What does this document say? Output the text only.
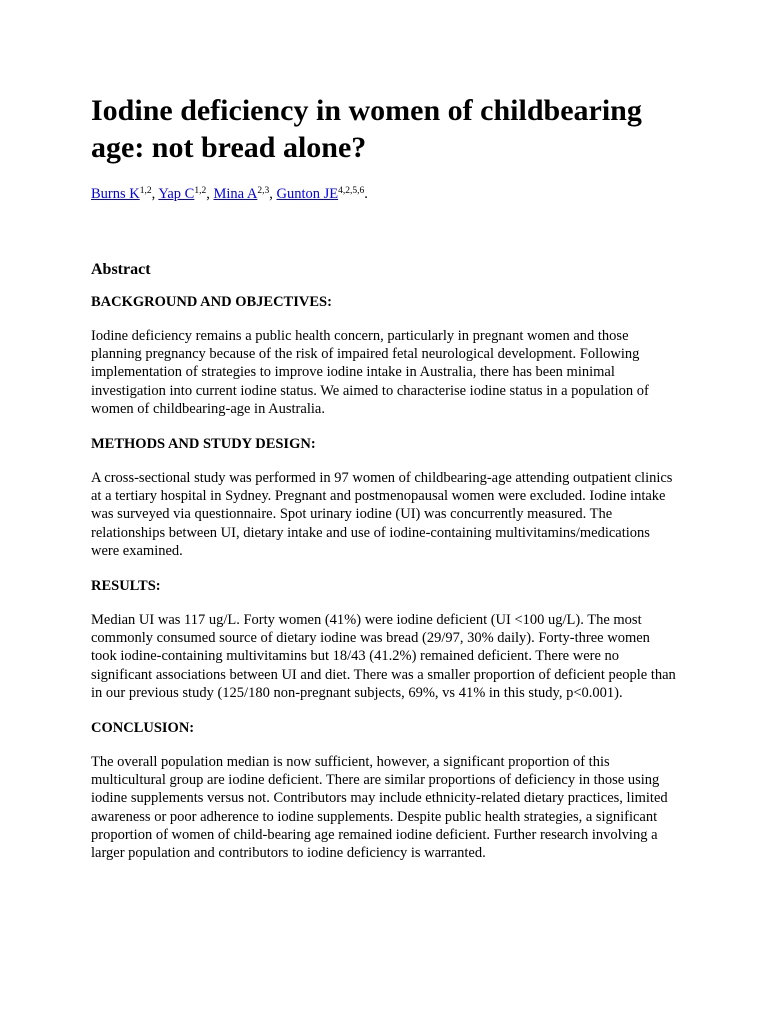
Iodine deficiency in women of childbearing age: not bread alone?
Burns K$^{1,2}$, Yap C$^{1,2}$, Mina A$^{2,3}$, Gunton JE$^{4,2,5,6}$.
Abstract
BACKGROUND AND OBJECTIVES:
Iodine deficiency remains a public health concern, particularly in pregnant women and those planning pregnancy because of the risk of impaired fetal neurological development. Following implementation of strategies to improve iodine intake in Australia, there has been minimal investigation into current iodine status. We aimed to characterise iodine status in a population of women of childbearing-age in Australia.
METHODS AND STUDY DESIGN:
A cross-sectional study was performed in 97 women of childbearing-age attending outpatient clinics at a tertiary hospital in Sydney. Pregnant and postmenopausal women were excluded. Iodine intake was surveyed via questionnaire. Spot urinary iodine (UI) was concurrently measured. The relationships between UI, dietary intake and use of iodine-containing multivitamins/medications were examined.
RESULTS:
Median UI was 117 ug/L. Forty women (41%) were iodine deficient (UI <100 ug/L). The most commonly consumed source of dietary iodine was bread (29/97, 30% daily). Forty-three women took iodine-containing multivitamins but 18/43 (41.2%) remained deficient. There were no significant associations between UI and diet. There was a smaller proportion of deficient people than in our previous study (125/180 non-pregnant subjects, 69%, vs 41% in this study, p<0.001).
CONCLUSION:
The overall population median is now sufficient, however, a significant proportion of this multicultural group are iodine deficient. There are similar proportions of deficiency in those using iodine supplements versus not. Contributors may include ethnicity-related dietary practices, limited awareness or poor adherence to iodine supplements. Despite public health strategies, a significant proportion of women of child-bearing age remained iodine deficient. Further research involving a larger population and contributors to iodine deficiency is warranted.
